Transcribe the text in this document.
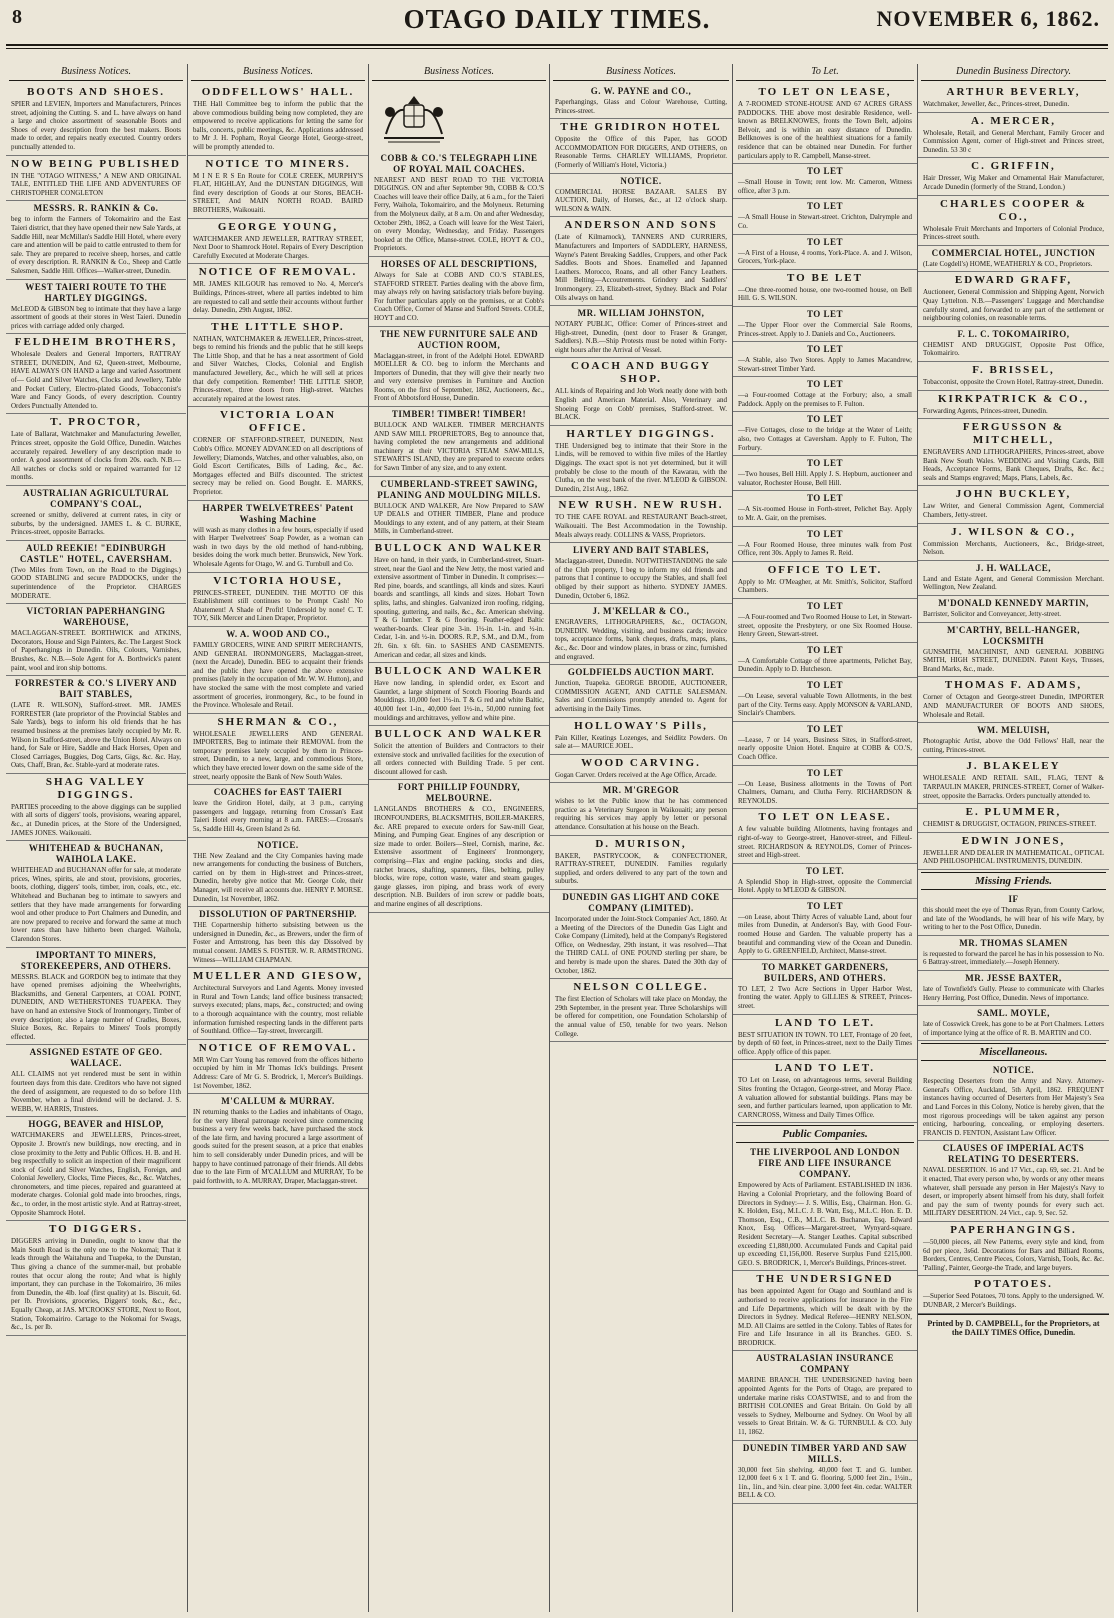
8	OTAGO DAILY TIMES.	NOVEMBER 6, 1862.
Business Notices.
BOOTS AND SHOES.
SPIER and LEVIEN, Importers and Manufacturers, Princes street, adjoining the Cutting. S. and L. have always on hand a large and choice assortment of seasonable Boots and Shoes of every description from the best makers. Boots made to order, and repairs neatly executed. Country orders punctually attended to.
NOW BEING PUBLISHED
IN THE "OTAGO WITNESS," A NEW AND ORIGINAL TALE, ENTITLED THE LIFE AND ADVENTURES OF CHRISTOPHER CONGLETON
MESSRS. R. RANKIN & Co.
beg to inform the Farmers of Tokomairiro and the East Taieri district, that they have opened their new Sale Yards, at Saddle Hill, near McMillan's Saddle Hill Hotel, where every care and attention will be paid to cattle entrusted to them for sale. They are prepared to receive sheep, horses, and cattle of every description. R. RANKIN & Co., Sheep and Cattle Salesmen, Saddle Hill. Offices—Walker-street, Dunedin.
WEST TAIERI ROUTE TO THE HARTLEY DIGGINGS.
McLEOD & GIBSON beg to intimate that they have a large assortment of goods at their stores in West Taieri. Dunedin prices with carriage added only charged.
FELDHEIM BROTHERS,
Wholesale Dealers and General Importers, RATTRAY STREET, DUNEDIN, And 62, Queen-street, Melbourne, HAVE ALWAYS ON HAND a large and varied Assortment of— Gold and Silver Watches, Clocks and Jewellery, Table and Pocket Cutlery, Electro-plated Goods, Tobacconist's Ware and Fancy Goods, of every description. Country Orders Punctually Attended to.
T. PROCTOR,
Late of Ballarat, Watchmaker and Manufacturing Jeweller, Princes street, opposite the Gold Office, Dunedin. Watches accurately repaired. Jewellery of any description made to order. A good assortment of clocks from 20s. each. N.B.—All watches or clocks sold or repaired warranted for 12 months.
AUSTRALIAN AGRICULTURAL COMPANY'S COAL,
screened or smithy, delivered at current rates, in city or suburbs, by the undersigned. JAMES L. & C. BURKE, Princes-street, opposite Barracks.
AULD REEKIE! "EDINBURGH CASTLE" HOTEL, CAVERSHAM.
(Two Miles from Town, on the Road to the Diggings.) GOOD STABLING and secure PADDOCKS, under the superintendence of the Proprietor. CHARGES MODERATE.
VICTORIAN PAPERHANGING WAREHOUSE,
MACLAGGAN-STREET. BORTHWICK and ATKINS, Decorators, House and Sign Painters, &c. The Largest Stock of Paperhangings in Dunedin. Oils, Colours, Varnishes, Brushes, &c. N.B.—Sole Agent for A. Borthwick's patent paint, wool and iron ship bottoms.
FORRESTER & CO.'S LIVERY AND BAIT STABLES,
(LATE R. WILSON), Stafford-street. MR. JAMES FORRESTER (late proprietor of the Provincial Stables and Sale Yards), begs to inform his old friends that he has resumed business at the premises lately occupied by Mr. R. Wilson in Stafford-street, above the Union Hotel. Always on hand, for Sale or Hire, Saddle and Hack Horses, Open and Closed Carriages, Buggies, Dog Carts, Gigs, &c. &c. Hay, Oats, Chaff, Bran, &c. Stable-yard at moderate rates.
SHAG VALLEY DIGGINGS.
PARTIES proceeding to the above diggings can be supplied with all sorts of diggers' tools, provisions, wearing apparel, &c., at Dunedin prices, at the Store of the Undersigned, JAMES JONES. Waikouaiti.
WHITEHEAD & BUCHANAN, WAIHOLA LAKE.
WHITEHEAD and BUCHANAN offer for sale, at moderate prices, Wines, spirits, ale and stout, provisions, groceries, boots, clothing, diggers' tools, timber, iron, coals, etc., etc. Whitehead and Buchanan beg to intimate to sawyers and settlers that they have made arrangements for forwarding wool and other produce to Port Chalmers and Dunedin, and are now prepared to receive and forward the same at much lower rates than have hitherto been charged. Waihola, Clarendon Stores.
IMPORTANT TO MINERS, STOREKEEPERS, AND OTHERS.
MESSRS. BLACK and GORDON beg to intimate that they have opened premises adjoining the Wheelwrights, Blacksmiths, and General Carpenters, at COAL POINT, DUNEDIN, AND WETHERSTONES TUAPEKA. They have on hand an extensive Stock of Ironmongery, Timber of every description; also a large number of Cradles, Boxes, Sluice Boxes, &c. Repairs to Miners' Tools promptly effected.
ASSIGNED ESTATE OF GEO. WALLACE.
ALL CLAIMS not yet rendered must be sent in within fourteen days from this date. Creditors who have not signed the deed of assignment, are requested to do so before 11th November, when a final dividend will be declared. J. S. WEBB, W. HARRIS, Trustees.
HOGG, BEAVER and HISLOP,
WATCHMAKERS and JEWELLERS, Princes-street, Opposite J. Brown's new buildings, now erecting, and in close proximity to the Jetty and Public Offices. H. B. and H. beg respectfully to solicit an inspection of their magnificent stock of Gold and Silver Watches, English, Foreign, and Colonial Jewellery, Clocks, Time Pieces, &c., &c. Watches, chronometers, and time pieces, repaired and guaranteed at moderate charges. Colonial gold made into brooches, rings, &c., to order, in the most artistic style. And at Rattray-street, Opposite Shamrock Hotel.
TO DIGGERS.
DIGGERS arriving in Dunedin, ought to know that the Main South Road is the only one to the Nokomai; That it leads through the Waitahuna and Tuapeka, to the Dunstan, Thus giving a chance of the summer-mail, but probable routes that occur along the route; And what is highly important, they can purchase in the Tokomairiro, 36 miles from Dunedin, the 4lb. loaf (first quality) at 1s. Biscuit, 6d. per lb. Provisions, groceries, Diggers' tools, &c., &c., Equally Cheap, at JAS. M'CROOKS' STORE, Next to Root, Station, Tokomairiro. Cartage to the Nokomai for Swags, &c., 1s. per lb.
Business Notices.
ODDFELLOWS' HALL.
THE Hall Committee beg to inform the public that the above commodious building being now completed, they are empowered to receive applications for letting the same for balls, concerts, public meetings, &c. Applications addressed to Mr J. H. Popham, Royal George Hotel, George-street, will be promptly attended to.
NOTICE TO MINERS.
M I N E R S En Route for COLE CREEK, MURPHY'S FLAT, HIGHLAY, And the DUNSTAN DIGGINGS, Will find every description of Goods at our Stores, BEACH-STREET, And MAIN NORTH ROAD. BAIRD BROTHERS, Waikouaiti.
GEORGE YOUNG,
WATCHMAKER AND JEWELLER, RATTRAY STREET, Next Door to Shamrock Hotel. Repairs of Every Description Carefully Executed at Moderate Charges.
NOTICE OF REMOVAL.
MR. JAMES KILGOUR has removed to No. 4, Mercer's Buildings, Princes-street, where all parties indebted to him are requested to call and settle their accounts without further delay. Dunedin, 29th August, 1862.
THE LITTLE SHOP.
NATHAN, WATCHMAKER & JEWELLER, Princes-street, begs to remind his friends and the public that he still keeps The Little Shop, and that he has a neat assortment of Gold and Silver Watches, Clocks, Colonial and English manufactured Jewellery, &c., which he will sell at prices that defy competition. Remember! THE LITTLE SHOP, Princes-street, three doors from High-street. Watches accurately repaired at the lowest rates.
VICTORIA LOAN OFFICE.
CORNER OF STAFFORD-STREET, DUNEDIN, Next Cobb's Office. MONEY ADVANCED on all descriptions of Jewellery; Diamonds, Watches, and other valuables, also, on Gold Escort Certificates, Bills of Lading, &c., &c. Mortgages effected and Bill's discounted. The strictest secrecy may be relied on. Good Bought. E. MARKS, Proprietor.
HARPER TWELVETREES' Patent Washing Machine
will wash as many clothes in a few hours, especially if used with Harper Twelvetrees' Soap Powder, as a woman can wash in two days by the old method of hand-rubbing, besides doing the work much better. Brunswick, New York. Wholesale Agents for Otago, W. and G. Turnbull and Co.
VICTORIA HOUSE,
PRINCES-STREET, DUNEDIN. THE MOTTO OF this Establishment still continues to be Prompt Cash! No Abatement! A Shade of Profit! Undersold by none! C. T. TOY, Silk Mercer and Linen Draper, Proprietor.
W. A. WOOD AND CO.,
FAMILY GROCERS, WINE AND SPIRIT MERCHANTS, AND GENERAL IRONMONGERS, Maclaggan-street, (next the Arcade), Dunedin. BEG to acquaint their friends and the public they have opened the above extensive premises (lately in the occupation of Mr. W. W. Hutton), and have stocked the same with the most complete and varied assortment of groceries, ironmongery, &c., to be found in the Province. Wholesale and Retail.
SHERMAN & CO.,
WHOLESALE JEWELLERS AND GENERAL IMPORTERS, Beg to intimate their REMOVAL from the temporary premises lately occupied by them in Princes-street, Dunedin, to a new, large, and commodious Store, which they have erected lower down on the same side of the street, nearly opposite the Bank of New South Wales.
COACHES for EAST TAIERI
leave the Gridiron Hotel, daily, at 3 p.m., carrying passengers and luggage, returning from Crossan's East Taieri Hotel every morning at 8 a.m. FARES:—Crossan's 5s, Saddle Hill 4s, Green Island 2s 6d.
NOTICE.
THE New Zealand and the City Companies having made new arrangements for conducting the business of Butchers, carried on by them in High-street and Princes-street, Dunedin, hereby give notice that Mr. George Cole, their Manager, will receive all accounts due. HENRY P. MORSE. Dunedin, 1st November, 1862.
DISSOLUTION OF PARTNERSHIP.
THE Copartnership hitherto subsisting between us the undersigned in Dunedin, &c., as Brewers, under the firm of Foster and Armstrong, has been this day Dissolved by mutual consent. JAMES S. FOSTER. W. R. ARMSTRONG. Witness—WILLIAM CHAPMAN.
MUELLER AND GIESOW,
Architectural Surveyors and Land Agents. Money invested in Rural and Town Lands; land office business transacted; surveys executed; plans, maps, &c., constructed; and owing to a thorough acquaintance with the country, most reliable information furnished respecting lands in the different parts of Southland. Office—Tay-street, Invercargill.
NOTICE OF REMOVAL.
MR Wm Carr Young has removed from the offices hitherto occupied by him in Mr Thomas Ick's buildings. Present Address: Care of Mr G. S. Brodrick, 1, Mercer's Buildings. 1st November, 1862.
M'CALLUM & MURRAY.
IN returning thanks to the Ladies and inhabitants of Otago, for the very liberal patronage received since commencing business a very few weeks back, have purchased the stock of the late firm, and having procured a large assortment of goods suited for the present season, at a price that enables him to sell considerably under Dunedin prices, and will be happy to have continued patronage of their friends. All debts due to the late Firm of M'CALLUM and MURRAY, To be paid forthwith, to A. MURRAY, Draper, Maclaggan-street.
Business Notices.
COBB & CO.'S TELEGRAPH LINE OF ROYAL MAIL COACHES.
NEAREST AND BEST ROAD TO THE VICTORIA DIGGINGS. ON and after September 9th, COBB & CO.'S Coaches will leave their office Daily, at 6 a.m., for the Taieri Ferry, Waihola, Tokomairiro, and the Molyneux. Returning from the Molyneux daily, at 8 a.m. On and after Wednesday, October 29th, 1862, a Coach will leave for the West Taieri, on every Monday, Wednesday, and Friday. Passengers booked at the Office, Manse-street. COLE, HOYT & CO., Proprietors.
HORSES OF ALL DESCRIPTIONS,
Always for Sale at COBB AND CO.'S STABLES, STAFFORD STREET. Parties dealing with the above firm, may always rely on having satisfactory trials before buying. For further particulars apply on the premises, or at Cobb's Coach Office, Corner of Manse and Stafford Streets. COLE, HOYT and CO.
THE NEW FURNITURE SALE AND AUCTION ROOM,
Maclaggan-street, in front of the Adelphi Hotel. EDWARD MOELLER & CO. beg to inform the Merchants and Importers of Dunedin, that they will give their nearly two and very extensive premises in Furniture and Auction Rooms, on the first of September, 1862, Auctioneers, &c., Front of Abbotsford House, Dunedin.
TIMBER! TIMBER! TIMBER!
BULLOCK AND WALKER. TIMBER MERCHANTS AND SAW MILL PROPRIETORS, Beg to announce that, having completed the new arrangements and additional machinery at their VICTORIA STEAM SAW-MILLS, STEWART'S ISLAND, they are prepared to execute orders for Sawn Timber of any size, and to any extent.
CUMBERLAND-STREET SAWING, PLANING AND MOULDING MILLS.
BULLOCK AND WALKER, Are Now Prepared to SAW UP DEALS and OTHER TIMBER, Plane and produce Mouldings to any extent, and of any pattern, at their Steam Mills, in Cumberland-street.
BULLOCK AND WALKER
Have on hand, in their yards, in Cumberland-street, Stuart-street, near the Gaol and the New Jetty, the most varied and extensive assortment of Timber in Dunedin. It comprises:— Red pine, boards, and scantlings, all kinds and sizes. Kauri boards and scantlings, all kinds and sizes. Hobart Town splits, laths, and shingles. Galvanized iron roofing, ridging, spouting, guttering, and nails, &c., &c. American shelving. T & G lumber. T & G flooring. Feather-edged Baltic weather-boards. Clear pine 3-in. 1½-in. 1-in. and ½-in. Cedar, 1-in. and ½-in. DOORS. R.P., S.M., and D.M., from 2ft. 6in. x 6ft. 6in. to SASHES AND CASEMENTS. American and cedar, all sizes and kinds.
BULLOCK AND WALKER
Have now landing, in splendid order, ex Escort and Gauntlet, a large shipment of Scotch Flooring Boards and Mouldings. 10,000 feet 1½-in. T & G red and white Baltic, 40,000 feet 1-in., 40,000 feet 1½-in., 50,000 running feet mouldings and architraves, yellow and white pine.
BULLOCK AND WALKER
Solicit the attention of Builders and Contractors to their extensive stock and unrivalled facilities for the execution of all orders connected with Building Trade. 5 per cent. discount allowed for cash.
FORT PHILLIP FOUNDRY, MELBOURNE.
LANGLANDS BROTHERS & CO., ENGINEERS, IRONFOUNDERS, BLACKSMITHS, BOILER-MAKERS, &c. ARE prepared to execute orders for Saw-mill Gear, Mining, and Pumping Gear. Engines of any description or size made to order. Boilers—Steel, Cornish, marine, &c. Extensive assortment of Engineers' Ironmongery, comprising—Flax and engine packing, stocks and dies, ratchet braces, shafting, spanners, files, belting, pulley blocks, wire rope, cotton waste, water and steam gauges, gauge glasses, iron piping, and brass work of every description. N.B. Builders of iron screw or paddle boats, and marine engines of all descriptions.
Business Notices.
G. W. PAYNE and CO.,
Paperhangings, Glass and Colour Warehouse, Cutting, Princes-street.
THE GRIDIRON HOTEL
Opposite the Office of this Paper, has GOOD ACCOMMODATION FOR DIGGERS, AND OTHERS, on Reasonable Terms. CHARLEY WILLIAMS, Proprietor. (Formerly of William's Hotel, Victoria.)
NOTICE.
COMMERCIAL HORSE BAZAAR. SALES BY AUCTION, Daily, of Horses, &c., at 12 o'clock sharp. WILSON & WAIN.
ANDERSON AND SONS
(Late of Kilmarnock), TANNERS AND CURRIERS, Manufacturers and Importers of SADDLERY, HARNESS, Wayne's Patent Breaking Saddles, Cruppers, and other Pack Saddles. Boots and Shoes. Enamelled and Japanned Leathers. Morocco, Roans, and all other Fancy Leathers. Mill Belting—Accoutrements. Grindery and Saddlers' Ironmongery. 23, Elizabeth-street, Sydney. Black and Polar Oils always on hand.
MR. WILLIAM JOHNSTON,
NOTARY PUBLIC, Office: Corner of Princes-street and High-street, Dunedin, (next door to Fraser & Granger, Saddlers). N.B.—Ship Protests must be noted within Forty-eight hours after the Arrival of Vessel.
COACH AND BUGGY SHOP.
ALL kinds of Repairing and Job Work neatly done with both English and American Material. Also, Veterinary and Shoeing Forge on Cobb' premises, Stafford-street. W. BLACK.
HARTLEY DIGGINGS.
THE Undersigned beg to intimate that their Store in the Lindis, will be removed to within five miles of the Hartley Diggings. The exact spot is not yet determined, but it will probably be close to the mouth of the Kawarau, with the Clutha, on the west bank of the river. M'LEOD & GIBSON. Dunedin, 21st Aug., 1862.
NEW RUSH. NEW RUSH.
TO THE CAFE ROYAL and RESTAURANT Beach-street, Waikouaiti. The Best Accommodation in the Township. Meals always ready. COLLINS & VASS, Proprietors.
LIVERY AND BAIT STABLES,
Maclaggan-street, Dunedin. NOTWITHSTANDING the sale of the Club property, I beg to inform my old friends and patrons that I continue to occupy the Stables, and shall feel obliged by their support as hitherto. SYDNEY JAMES. Dunedin, October 6, 1862.
J. M'KELLAR & CO.,
ENGRAVERS, LITHOGRAPHERS, &c., OCTAGON, DUNEDIN. Wedding, visiting, and business cards; invoice tops, acceptance forms, bank cheques, drafts, maps, plans, &c., &c. Door and window plates, in brass or zinc, furnished and engraved.
GOLDFIELDS AUCTION MART.
Junction, Tuapeka. GEORGE BRODIE, AUCTIONEER, COMMISSION AGENT, AND CATTLE SALESMAN. Sales and Commissions promptly attended to. Agent for advertising in the Daily Times.
HOLLOWAY'S Pills,
Pain Killer, Keatings Lozenges, and Seidlitz Powders. On sale at— MAURICE JOEL.
WOOD CARVING.
Gogan Carver. Orders received at the Age Office, Arcade.
MR. M'GREGOR
wishes to let the Public know that he has commenced practice as a Veterinary Surgeon in Waikouaiti; any person requiring his services may apply by letter or personal attendance. Consultation at his house on the Beach.
D. MURISON,
BAKER, PASTRYCOOK, & CONFECTIONER, RATTRAY-STREET, DUNEDIN. Families regularly supplied, and orders delivered to any part of the town and suburbs.
DUNEDIN GAS LIGHT AND COKE COMPANY (LIMITED).
Incorporated under the Joint-Stock Companies' Act, 1860. At a Meeting of the Directors of the Dunedin Gas Light and Coke Company (Limited), held at the Company's Registered Office, on Wednesday, 29th instant, it was resolved—That the THIRD CALL of ONE POUND sterling per share, be and hereby is made upon the shares. Dated the 30th day of October, 1862.
NELSON COLLEGE.
The first Election of Scholars will take place on Monday, the 29th September, in the present year. Three Scholarships will be offered for competition, one Foundation Scholarship of the annual value of £50, tenable for two years. Nelson College.
To Let.
TO LET ON LEASE,
A 7-ROOMED STONE-HOUSE AND 67 ACRES GRASS PADDOCKS. THE above most desirable Residence, well-known as BRELKNOWES, fronts the Town Belt, adjoins Belvoir, and is within an easy distance of Dunedin. Bellknowes is one of the healthiest situations for a family residence that can be obtained near Dunedin. For further particulars apply to R. Campbell, Manse-street.
TO LET
—Small House in Town; rent low. Mr. Cameron, Witness office, after 3 p.m.
TO LET
—A Small House in Stewart-street. Crichton, Dalrymple and Co.
TO LET
—A First of a House, 4 rooms, York-Place. A. and J. Wilson, Grocers, York-place.
TO BE LET
—One three-roomed house, one two-roomed house, on Bell Hill. G. S. WILSON.
TO LET
—The Upper Floor over the Commercial Sale Rooms, Princes-street. Apply to J. Daniels and Co., Auctioneers.
TO LET
—A Stable, also Two Stores. Apply to James Macandrew, Stewart-street Timber Yard.
TO LET
—a Four-roomed Cottage at the Forbury; also, a small Paddock. Apply on the premises to F. Fulton.
TO LET
—Five Cottages, close to the bridge at the Water of Leith; also, two Cottages at Caversham. Apply to F. Fulton, The Forbury.
TO LET
—Two houses, Bell Hill. Apply J. S. Hepburn, auctioneer and valuator, Rochester House, Bell Hill.
TO LET
—A Six-roomed House in Forth-street, Pelichet Bay. Apply to Mr. A. Gair, on the premises.
TO LET
—A Four Roomed House, three minutes walk from Post Office, rent 30s. Apply to James R. Reid.
OFFICE TO LET.
Apply to Mr. O'Meagher, at Mr. Smith's, Solicitor, Stafford Chambers.
TO LET
—A Four-roomed and Two Roomed House to Let, in Stewart-street, opposite the Presbytery, or one Six Roomed House. Henry Green, Stewart-street.
TO LET
—A Comfortable Cottage of three apartments, Pelichet Bay, Dunedin. Apply to D. Hutcheson.
TO LET
—On Lease, several valuable Town Allotments, in the best part of the City. Terms easy. Apply MONSON & VARLAND, Sinclair's Chambers.
TO LET
—Lease, 7 or 14 years, Business Sites, in Stafford-street, nearly opposite Union Hotel. Enquire at COBB & CO.'S, Coach Office.
TO LET
—On Lease, Business allotments in the Towns of Port Chalmers, Oamaru, and Clutha Ferry. RICHARDSON & REYNOLDS.
TO LET ON LEASE.
A few valuable building Allotments, having frontages and right-of-way to George-street, Hanover-street, and Filleul-street. RICHARDSON & REYNOLDS, Corner of Princes-street and High-street.
TO LET.
A Splendid Shop in High-street, opposite the Commercial Hotel. Apply to M'LEOD & GIBSON.
TO LET
—on Lease, about Thirty Acres of valuable Land, about four miles from Dunedin, at Anderson's Bay, with Good Four-roomed House and Garden. The valuable property has a beautiful and commanding view of the Ocean and Dunedin. Apply to G. GREENFIELD, Architect, Manse-street.
TO MARKET GARDENERS, BUILDERS, AND OTHERS.
TO LET, 2 Two Acre Sections in Upper Harbor West, fronting the water. Apply to GILLIES & STREET, Princes-street.
LAND TO LET.
BEST SITUATION IN TOWN. TO LET, Frontage of 20 feet, by depth of 60 feet, in Princes-street, next to the Daily Times office. Apply office of this paper.
LAND TO LET.
TO Let on Lease, on advantageous terms, several Building Sites fronting the Octagon, George-street, and Moray Place. A valuation allowed for substantial buildings. Plans may be seen, and further particulars learned, upon application to Mr. CARNCROSS, Witness and Daily Times Office.
Public Companies.
THE LIVERPOOL AND LONDON FIRE AND LIFE INSURANCE COMPANY.
Empowered by Acts of Parliament. ESTABLISHED IN 1836. Having a Colonial Proprietary, and the following Board of Directors in Sydney:— J. S. Willis, Esq., Chairman. Hon. G. K. Holden, Esq., M.L.C. J. B. Watt, Esq., M.L.C. Hon. E. D. Thomson, Esq., C.B., M.L.C. B. Buchanan, Esq. Edward Knox, Esq. Offices—Margaret-street, Wynyard-square. Resident Secretary—A. Stanger Leathes. Capital subscribed exceeding £1,880,000. Accumulated Funds and Capital paid up exceeding £1,156,000. Reserve Surplus Fund £215,000. GEO. S. BRODRICK, 1, Mercer's Buildings, Princes-street.
THE UNDERSIGNED
has been appointed Agent for Otago and Southland and is authorised to receive applications for insurance in the Fire and Life Departments, which will be dealt with by the Directors in Sydney. Medical Referee—HENRY NELSON, M.D. All Claims are settled in the Colony. Tables of Rates for Fire and Life Insurance in all its Branches. GEO. S. BRODRICK.
AUSTRALASIAN INSURANCE COMPANY
MARINE BRANCH. THE UNDERSIGNED having been appointed Agents for the Ports of Otago, are prepared to undertake marine risks COASTWISE, and to and from the BRITISH COLONIES and Great Britain. On Gold by all vessels to Sydney, Melbourne and Sydney. On Wool by all vessels to Great Britain. W. & G. TURNBULL & CO. July 11, 1862.
DUNEDIN TIMBER YARD AND SAW MILLS.
30,000 feet 5in shelving. 40,000 feet T. and G. lumber. 12,000 feet 6 x 1 T. and G. flooring. 5,000 feet 2in., 1½in., 1in., 1in., and ¾in. clear pine. 3,000 feet 4in. cedar. WALTER BELL & CO.
Dunedin Business Directory.
ARTHUR BEVERLY,
Watchmaker, Jeweller, &c., Princes-street, Dunedin.
A. MERCER,
Wholesale, Retail, and General Merchant, Family Grocer and Commission Agent, corner of High-street and Princes street, Dunedin. 53 30 c
C. GRIFFIN,
Hair Dresser, Wig Maker and Ornamental Hair Manufacturer, Arcade Dunedin (formerly of the Strand, London.)
CHARLES COOPER & CO.,
Wholesale Fruit Merchants and Importers of Colonial Produce, Princes-street south.
COMMERCIAL HOTEL, JUNCTION
(Late Cogdell's) HOME, WEATHERLY & CO., Proprietors.
EDWARD GRAFF,
Auctioneer, General Commission and Shipping Agent, Norwich Quay Lyttelton. N.B.—Passengers' Luggage and Merchandise carefully stored, and forwarded to any part of the settlement or neighbouring colonies, on reasonable terms.
F. L. C. TOKOMAIRIRO,
CHEMIST AND DRUGGIST, Opposite Post Office, Tokomairiro.
F. BRISSEL,
Tobacconist, opposite the Crown Hotel, Rattray-street, Dunedin.
KIRKPATRICK & CO.,
Forwarding Agents, Princes-street, Dunedin.
FERGUSSON & MITCHELL,
ENGRAVERS AND LITHOGRAPHERS, Princes-street, above Bank New South Wales. WEDDING and Visiting Cards, Bill Heads, Acceptance Forms, Bank Cheques, Drafts, &c. &c.; seals and Stamps engraved; Maps, Plans, Labels, &c.
JOHN BUCKLEY,
Law Writer, and General Commission Agent, Commercial Chambers, Jetty-street.
J. WILSON & CO.,
Commission Merchants, Auctioneers, &c., Bridge-street, Nelson.
J. H. WALLACE,
Land and Estate Agent, and General Commission Merchant. Wellington, New Zealand.
M'DONALD KENNEDY MARTIN,
Barrister, Solicitor and Conveyancer, Jetty-street.
M'CARTHY, BELL-HANGER, LOCKSMITH
GUNSMITH, MACHINIST, AND GENERAL JOBBING SMITH, HIGH STREET, DUNEDIN. Patent Keys, Trusses, Brand Marks, &c., made.
THOMAS F. ADAMS,
Corner of Octagon and George-street Dunedin, IMPORTER AND MANUFACTURER OF BOOTS AND SHOES, Wholesale and Retail.
WM. MELUISH,
Photographic Artist, above the Odd Fellows' Hall, near the cutting, Princes-street.
J. BLAKELEY
WHOLESALE AND RETAIL SAIL, FLAG, TENT & TARPAULIN MAKER, PRINCES-STREET, Corner of Walker-street, opposite the Barracks. Orders punctually attended to.
E. PLUMMER,
CHEMIST & DRUGGIST, OCTAGON, PRINCES-STREET.
EDWIN JONES,
JEWELLER AND DEALER IN MATHEMATICAL, OPTICAL AND PHILOSOPHICAL INSTRUMENTS, DUNEDIN.
Missing Friends.
IF
this should meet the eye of Thomas Ryan, from County Carlow, and late of the Woodlands, he will hear of his wife Mary, by writing to her to the Post Office, Dunedin.
MR. THOMAS SLAMEN
is requested to forward the parcel he has in his possession to No. 6 Battray-street, immediately.—Joseph Hennery.
MR. JESSE BAXTER,
late of Townfield's Gully. Please to communicate with Charles Henry Herring, Post Office, Dunedin. News of importance.
SAML. MOYLE,
late of Cosswick Creek, has gone to be at Port Chalmers. Letters of importance lying at the office of R. B. MARTIN and CO.
Miscellaneous.
NOTICE.
Respecting Deserters from the Army and Navy. Attorney-General's Office, Auckland, 5th April, 1862. FREQUENT instances having occurred of Deserters from Her Majesty's Sea and Land Forces in this Colony, Notice is hereby given, that the most rigorous proceedings will be taken against any person enticing, harbouring, concealing, or employing deserters. FRANCIS D. FENTON, Assistant Law Officer.
CLAUSES OF IMPERIAL ACTS RELATING TO DESERTERS.
NAVAL DESERTION. 16 and 17 Vict., cap. 69, sec. 21. And be it enacted, That every person who, by words or any other means whatever, shall persuade any person in Her Majesty's Navy to desert, or improperly absent himself from his duty, shall forfeit and pay the sum of twenty pounds for every such act. MILITARY DESERTION. 24 Vict., cap. 9, Sec. 52.
PAPERHANGINGS.
—50,000 pieces, all New Patterns, every style and kind, from 6d per piece, 3s6d. Decorations for Bars and Billiard Rooms, Borders, Centres, Centre Pieces, Colors, Varnish, Tools, &c. &c. 'Palling', Painter, George-the Trade, and large buyers.
POTATOES.
—Superior Seed Potatoes, 70 tons. Apply to the undersigned. W. DUNBAR, 2 Mercer's Buildings.
Printed by D. CAMPBELL, for the Proprietors, at the DAILY TIMES Office, Dunedin.
